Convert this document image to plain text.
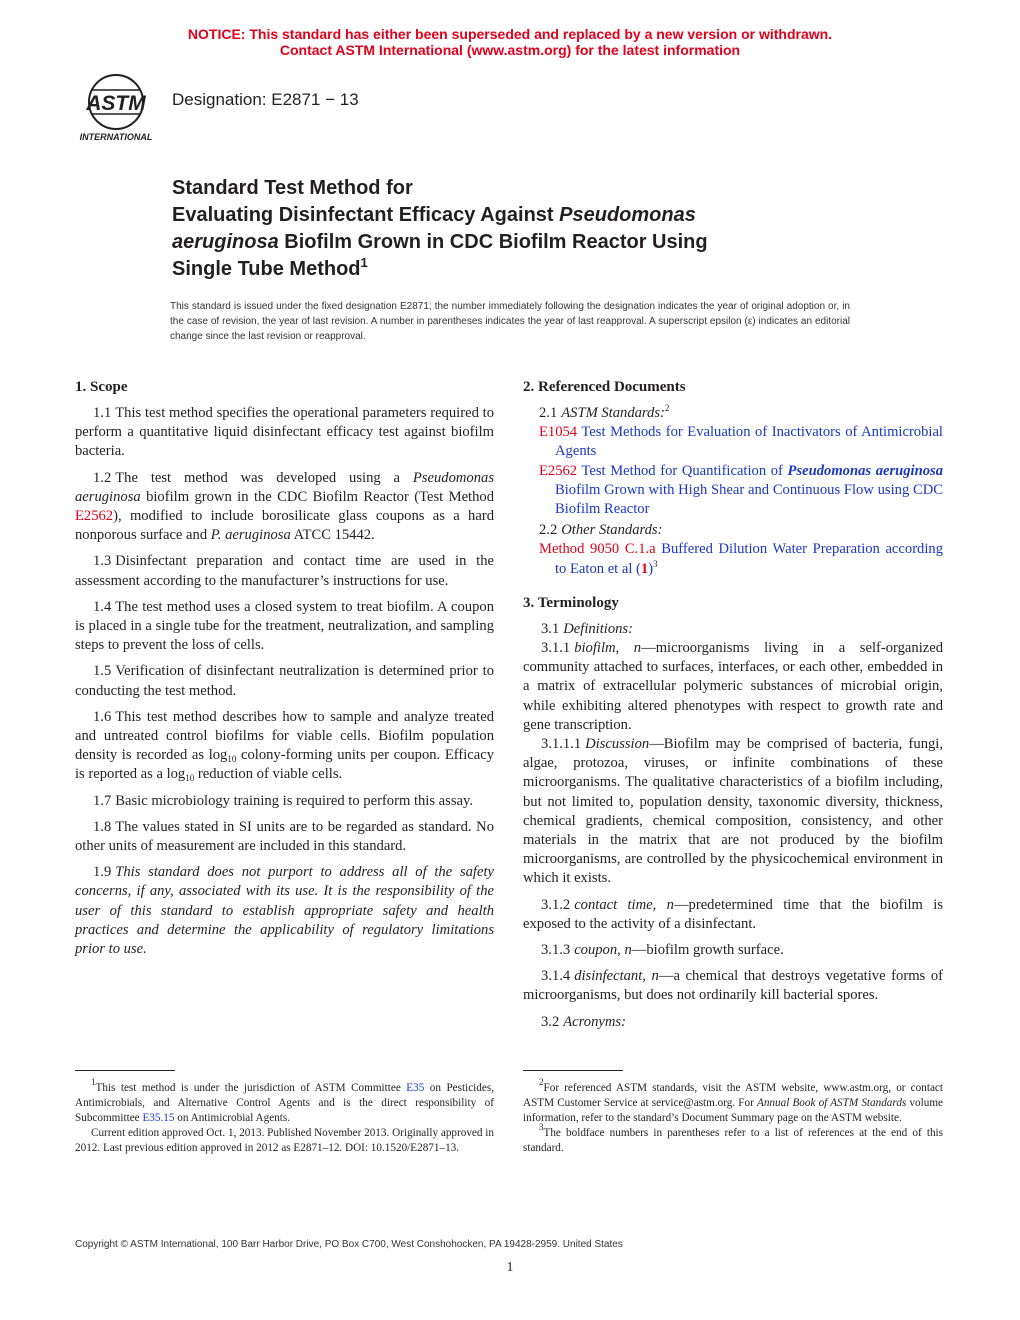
NOTICE: This standard has either been superseded and replaced by a new version or withdrawn.
Contact ASTM International (www.astm.org) for the latest information
ASTM
INTERNATIONAL
Designation: E2871 − 13
Standard Test Method for
Evaluating Disinfectant Efficacy Against Pseudomonas
aeruginosa Biofilm Grown in CDC Biofilm Reactor Using
Single Tube Method$^1$
This standard is issued under the fixed designation E2871; the number immediately following the designation indicates the year of original adoption or, in the case of revision, the year of last revision. A number in parentheses indicates the year of last reapproval. A superscript epsilon (ε) indicates an editorial change since the last revision or reapproval.
1. Scope

1.1 This test method specifies the operational parameters required to perform a quantitative liquid disinfectant efficacy test against biofilm bacteria.

1.2 The test method was developed using a Pseudomonas aeruginosa biofilm grown in the CDC Biofilm Reactor (Test Method E2562), modified to include borosilicate glass coupons as a hard nonporous surface and P. aeruginosa ATCC 15442.

1.3 Disinfectant preparation and contact time are used in the assessment according to the manufacturer’s instructions for use.

1.4 The test method uses a closed system to treat biofilm. A coupon is placed in a single tube for the treatment, neutralization, and sampling steps to prevent the loss of cells.

1.5 Verification of disinfectant neutralization is determined prior to conducting the test method.

1.6 This test method describes how to sample and analyze treated and untreated control biofilms for viable cells. Biofilm population density is recorded as $\log_{10}$ colony-forming units per coupon. Efficacy is reported as a $\log_{10}$ reduction of viable cells.

1.7 Basic microbiology training is required to perform this assay.

1.8 The values stated in SI units are to be regarded as standard. No other units of measurement are included in this standard.

1.9 This standard does not purport to address all of the safety concerns, if any, associated with its use. It is the responsibility of the user of this standard to establish appropriate safety and health practices and determine the applicability of regulatory limitations prior to use.

2. Referenced Documents

2.1 ASTM Standards:$^2$

E1054 Test Methods for Evaluation of Inactivators of Antimicrobial Agents

E2562 Test Method for Quantification of Pseudomonas aeruginosa Biofilm Grown with High Shear and Continuous Flow using CDC Biofilm Reactor

2.2 Other Standards:

Method 9050 C.1.a Buffered Dilution Water Preparation according to Eaton et al $(1)^3$

3. Terminology

3.1 Definitions:

3.1.1 biofilm, n—microorganisms living in a self-organized community attached to surfaces, interfaces, or each other, embedded in a matrix of extracellular polymeric substances of microbial origin, while exhibiting altered phenotypes with respect to growth rate and gene transcription.

3.1.1.1 Discussion—Biofilm may be comprised of bacteria, fungi, algae, protozoa, viruses, or infinite combinations of these microorganisms. The qualitative characteristics of a biofilm including, but not limited to, population density, taxonomic diversity, thickness, chemical gradients, chemical composition, consistency, and other materials in the matrix that are not produced by the biofilm microorganisms, are controlled by the physicochemical environment in which it exists.

3.1.2 contact time, n—predetermined time that the biofilm is exposed to the activity of a disinfectant.

3.1.3 coupon, n—biofilm growth surface.

3.1.4 disinfectant, n—a chemical that destroys vegetative forms of microorganisms, but does not ordinarily kill bacterial spores.

3.2 Acronyms:

$^1$This test method is under the jurisdiction of ASTM Committee E35 on Pesticides, Antimicrobials, and Alternative Control Agents and is the direct responsibility of Subcommittee E35.15 on Antimicrobial Agents.

Current edition approved Oct. 1, 2013. Published November 2013. Originally approved in 2012. Last previous edition approved in 2012 as E2871–12. DOI: 10.1520/E2871–13.

$^2$For referenced ASTM standards, visit the ASTM website, www.astm.org, or contact ASTM Customer Service at service@astm.org. For Annual Book of ASTM Standards volume information, refer to the standard’s Document Summary page on the ASTM website.

$^3$The boldface numbers in parentheses refer to a list of references at the end of this standard.

Copyright © ASTM International, 100 Barr Harbor Drive, PO Box C700, West Conshohocken, PA 19428-2959. United States
1
